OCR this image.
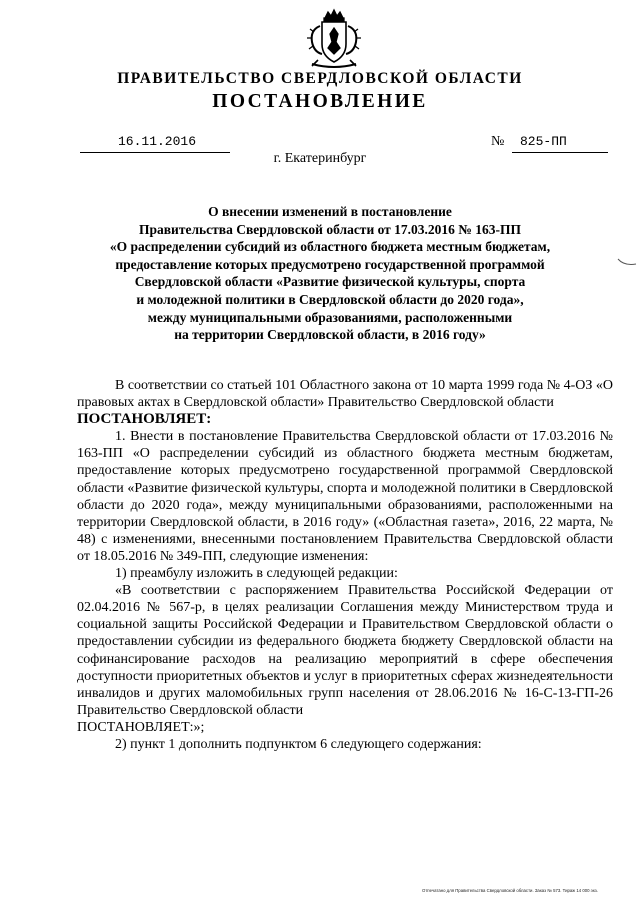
ПРАВИТЕЛЬСТВО СВЕРДЛОВСКОЙ ОБЛАСТИ
ПОСТАНОВЛЕНИЕ
16.11.2016	№ 825-ПП
г. Екатеринбург
О внесении изменений в постановление
Правительства Свердловской области от 17.03.2016 № 163-ПП
«О распределении субсидий из областного бюджета местным бюджетам,
предоставление которых предусмотрено государственной программой
Свердловской области «Развитие физической культуры, спорта
и молодежной политики в Свердловской области до 2020 года»,
между муниципальными образованиями, расположенными
на территории Свердловской области, в 2016 году»

В соответствии со статьей 101 Областного закона от 10 марта 1999 года № 4-ОЗ «О правовых актах в Свердловской области» Правительство Свердловской области

ПОСТАНОВЛЯЕТ:

1. Внести в постановление Правительства Свердловской области от 17.03.2016 № 163-ПП «О распределении субсидий из областного бюджета местным бюджетам, предоставление которых предусмотрено государственной программой Свердловской области «Развитие физической культуры, спорта и молодежной политики в Свердловской области до 2020 года», между муниципальными образованиями, расположенными на территории Свердловской области, в 2016 году» («Областная газета», 2016, 22 марта, № 48) с изменениями, внесенными постановлением Правительства Свердловской области от 18.05.2016 № 349-ПП, следующие изменения:

1) преамбулу изложить в следующей редакции:

«В соответствии с распоряжением Правительства Российской Федерации от 02.04.2016 № 567-р, в целях реализации Соглашения между Министерством труда и социальной защиты Российской Федерации и Правительством Свердловской области о предоставлении субсидии из федерального бюджета бюджету Свердловской области на софинансирование расходов на реализацию мероприятий в сфере обеспечения доступности приоритетных объектов и услуг в приоритетных сферах жизнедеятельности инвалидов и других маломобильных групп населения от 28.06.2016 № 16-С-13-ГП-26 Правительство Свердловской области

ПОСТАНОВЛЯЕТ:»;

2) пункт 1 дополнить подпунктом 6 следующего содержания:

Отпечатано для Правительства Свердловской области. Заказ № 573. Тираж 14 000 экз.
